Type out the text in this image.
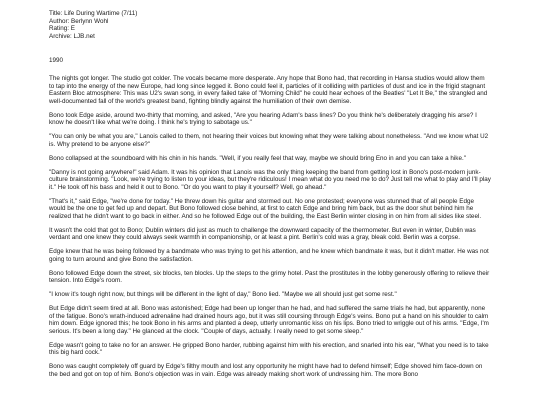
Title: Life During Wartime (7/11)

Author: Berlynn Wohl

Rating: E

Archive: LJB.net

1990

The nights got longer. The studio got colder. The vocals became more desperate. Any hope that Bono had, that recording in Hansa studios would allow them to tap into the energy of the new Europe, had long since legged it. Bono could feel it, particles of it colliding with particles of dust and ice in the frigid stagnant Eastern Bloc atmosphere: This was U2's swan song, in every failed take of "Morning Child" he could hear echoes of the Beatles' "Let It Be," the strangled and well-documented fall of the world's greatest band, fighting blindly against the humiliation of their own demise.

Bono took Edge aside, around two-thirty that morning, and asked, "Are you hearing Adam's bass lines? Do you think he's deliberately dragging his arse? I know he doesn't like what we're doing. I think he's trying to sabotage us."

"You can only be what you are," Lanois called to them, not hearing their voices but knowing what they were talking about nonetheless. "And we know what U2 is. Why pretend to be anyone else?"

Bono collapsed at the soundboard with his chin in his hands. "Well, if you really feel that way, maybe we should bring Eno in and you can take a hike."

"Danny is not going anywhere!" said Adam. It was his opinion that Lanois was the only thing keeping the band from getting lost in Bono's post-modern junk-culture brainstorming. "Look, we're trying to listen to your ideas, but they're ridiculous! I mean what do you need me to do? Just tell me what to play and I'll play it." He took off his bass and held it out to Bono. "Or do you want to play it yourself? Well, go ahead."

"That's it," said Edge, "we're done for today." He threw down his guitar and stormed out. No one protested; everyone was stunned that of all people Edge would be the one to get fed up and depart. But Bono followed close behind, at first to catch Edge and bring him back, but as the door shut behind him he realized that he didn't want to go back in either. And so he followed Edge out of the building, the East Berlin winter closing in on him from all sides like steel.

It wasn't the cold that got to Bono; Dublin winters did just as much to challenge the downward capacity of the thermometer. But even in winter, Dublin was verdant and one knew they could always seek warmth in companionship, or at least a pint. Berlin's cold was a gray, bleak cold. Berlin was a corpse.

Edge knew that he was being followed by a bandmate who was trying to get his attention, and he knew which bandmate it was, but it didn't matter. He was not going to turn around and give Bono the satisfaction.

Bono followed Edge down the street, six blocks, ten blocks. Up the steps to the grimy hotel. Past the prostitutes in the lobby generously offering to relieve their tension. Into Edge's room.

"I know it's tough right now, but things will be different in the light of day," Bono lied. "Maybe we all should just get some rest."

But Edge didn't seem tired at all. Bono was astonished; Edge had been up longer than he had, and had suffered the same trials he had, but apparently, none of the fatigue. Bono's wrath-induced adrenaline had drained hours ago, but it was still coursing through Edge's veins. Bono put a hand on his shoulder to calm him down. Edge ignored this; he took Bono in his arms and planted a deep, utterly unromantic kiss on his lips. Bono tried to wriggle out of his arms. "Edge, I'm serious. It's been a long day." He glanced at the clock. "Couple of days, actually. I really need to get some sleep."

Edge wasn't going to take no for an answer. He gripped Bono harder, rubbing against him with his erection, and snarled into his ear, "What you need is to take this big hard cock."

Bono was caught completely off guard by Edge's filthy mouth and lost any opportunity he might have had to defend himself; Edge shoved him face-down on the bed and got on top of him. Bono's objection was in vain. Edge was already making short work of undressing him. The more Bono
